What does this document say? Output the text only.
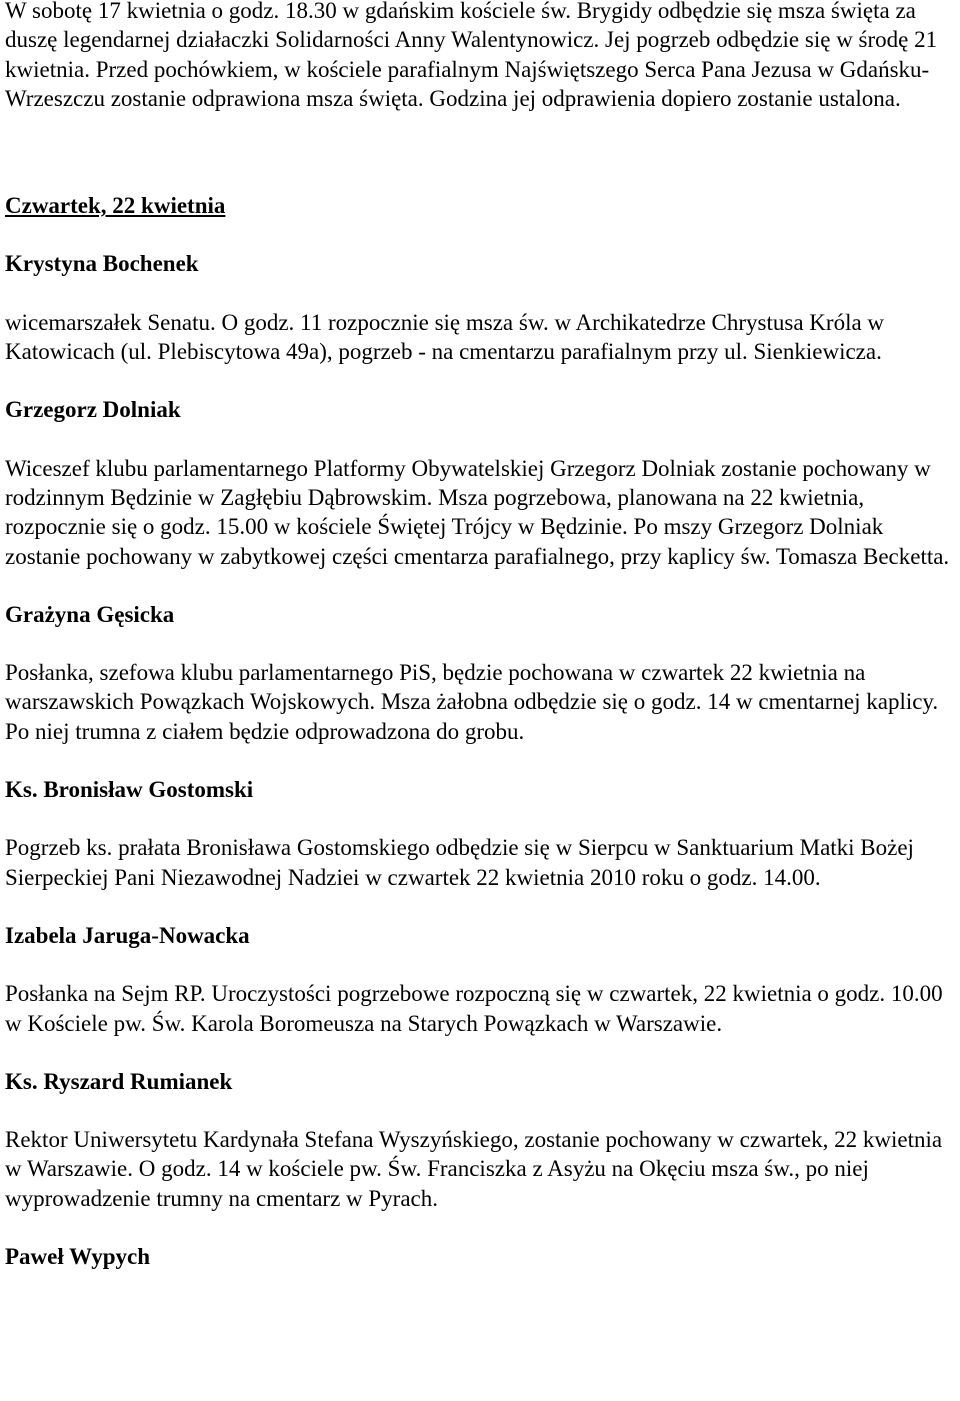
W sobotę 17 kwietnia o godz. 18.30 w gdańskim kościele św. Brygidy odbędzie się msza święta za duszę legendarnej działaczki Solidarności Anny Walentynowicz. Jej pogrzeb odbędzie się w środę 21 kwietnia. Przed pochówkiem, w kościele parafialnym Najświętszego Serca Pana Jezusa w Gdańsku-Wrzeszczu zostanie odprawiona msza święta. Godzina jej odprawienia dopiero zostanie ustalona.

Czwartek, 22 kwietnia

Krystyna Bochenek

wicemarszałek Senatu. O godz. 11 rozpocznie się msza św. w Archikatedrze Chrystusa Króla w Katowicach (ul. Plebiscytowa 49a), pogrzeb - na cmentarzu parafialnym przy ul. Sienkiewicza.

Grzegorz Dolniak

Wiceszef klubu parlamentarnego Platformy Obywatelskiej Grzegorz Dolniak zostanie pochowany w rodzinnym Będzinie w Zagłębiu Dąbrowskim. Msza pogrzebowa, planowana na 22 kwietnia, rozpocznie się o godz. 15.00 w kościele Świętej Trójcy w Będzinie. Po mszy Grzegorz Dolniak zostanie pochowany w zabytkowej części cmentarza parafialnego, przy kaplicy św. Tomasza Becketta.

Grażyna Gęsicka

Posłanka, szefowa klubu parlamentarnego PiS, będzie pochowana w czwartek 22 kwietnia na warszawskich Powązkach Wojskowych. Msza żałobna odbędzie się o godz. 14 w cmentarnej kaplicy. Po niej trumna z ciałem będzie odprowadzona do grobu.

Ks. Bronisław Gostomski

Pogrzeb ks. prałata Bronisława Gostomskiego odbędzie się w Sierpcu w Sanktuarium Matki Bożej Sierpeckiej Pani Niezawodnej Nadziei w czwartek 22 kwietnia 2010 roku o godz. 14.00.

Izabela Jaruga-Nowacka

Posłanka na Sejm RP. Uroczystości pogrzebowe rozpoczną się w czwartek, 22 kwietnia o godz. 10.00 w Kościele pw. Św. Karola Boromeusza na Starych Powązkach w Warszawie.

Ks. Ryszard Rumianek

Rektor Uniwersytetu Kardynała Stefana Wyszyńskiego, zostanie pochowany w czwartek, 22 kwietnia w Warszawie. O godz. 14 w kościele pw. Św. Franciszka z Asyżu na Okęciu msza św., po niej wyprowadzenie trumny na cmentarz w Pyrach.

Paweł Wypych
